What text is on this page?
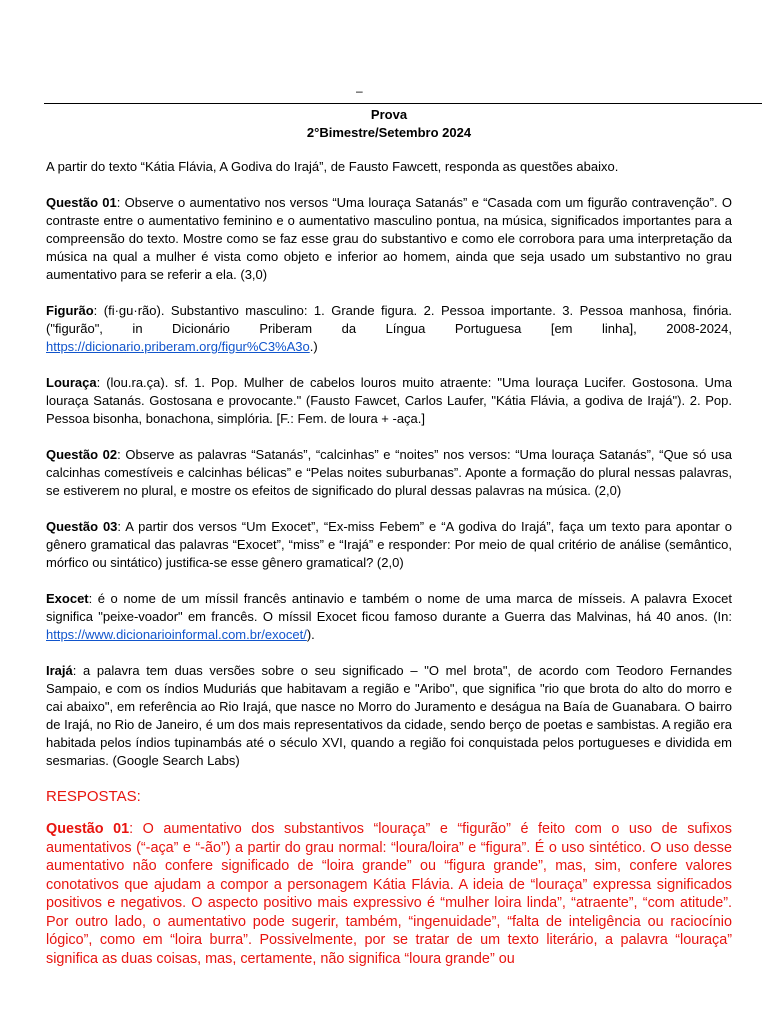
–
Prova
2°Bimestre/Setembro 2024

A partir do texto “Kátia Flávia, A Godiva do Irajá”, de Fausto Fawcett, responda as questões abaixo.

Questão 01: Observe o aumentativo nos versos “Uma louraça Satanás” e “Casada com um figurão contravenção”. O contraste entre o aumentativo feminino e o aumentativo masculino pontua, na música, significados importantes para a compreensão do texto. Mostre como se faz esse grau do substantivo e como ele corrobora para uma interpretação da música na qual a mulher é vista como objeto e inferior ao homem, ainda que seja usado um substantivo no grau aumentativo para se referir a ela. (3,0)

Figurão: (fi·gu·rão). Substantivo masculino: 1. Grande figura. 2. Pessoa importante. 3. Pessoa manhosa, finória. ("figurão", in Dicionário Priberam da Língua Portuguesa [em linha], 2008-2024, https://dicionario.priberam.org/figur%C3%A3o.)

Louraça: (lou.ra.ça). sf. 1. Pop. Mulher de cabelos louros muito atraente: "Uma louraça Lucifer. Gostosona. Uma louraça Satanás. Gostosana e provocante." (Fausto Fawcet, Carlos Laufer, "Kátia Flávia, a godiva de Irajá"). 2. Pop. Pessoa bisonha, bonachona, simplória. [F.: Fem. de loura + -aça.]

Questão 02: Observe as palavras “Satanás”, “calcinhas” e “noites” nos versos: “Uma louraça Satanás”, “Que só usa calcinhas comestíveis e calcinhas bélicas” e “Pelas noites suburbanas”. Aponte a formação do plural nessas palavras, se estiverem no plural, e mostre os efeitos de significado do plural dessas palavras na música. (2,0)

Questão 03: A partir dos versos “Um Exocet”, “Ex-miss Febem” e “A godiva do Irajá”, faça um texto para apontar o gênero gramatical das palavras “Exocet”, “miss” e “Irajá” e responder: Por meio de qual critério de análise (semântico, mórfico ou sintático) justifica-se esse gênero gramatical? (2,0)

Exocet: é o nome de um míssil francês antinavio e também o nome de uma marca de mísseis. A palavra Exocet significa "peixe-voador" em francês. O míssil Exocet ficou famoso durante a Guerra das Malvinas, há 40 anos. (In: https://www.dicionarioinformal.com.br/exocet/).

Irajá: a palavra tem duas versões sobre o seu significado – "O mel brota", de acordo com Teodoro Fernandes Sampaio, e com os índios Muduriás que habitavam a região e "Aribo", que significa "rio que brota do alto do morro e cai abaixo", em referência ao Rio Irajá, que nasce no Morro do Juramento e deságua na Baía de Guanabara. O bairro de Irajá, no Rio de Janeiro, é um dos mais representativos da cidade, sendo berço de poetas e sambistas. A região era habitada pelos índios tupinambás até o século XVI, quando a região foi conquistada pelos portugueses e dividida em sesmarias. (Google Search Labs)

RESPOSTAS:

Questão 01: O aumentativo dos substantivos “louraça” e “figurão” é feito com o uso de sufixos aumentativos (“-aça” e “-ão”) a partir do grau normal: “loura/loira” e “figura”. É o uso sintético. O uso desse aumentativo não confere significado de “loira grande” ou “figura grande”, mas, sim, confere valores conotativos que ajudam a compor a personagem Kátia Flávia. A ideia de “louraça” expressa significados positivos e negativos. O aspecto positivo mais expressivo é “mulher loira linda”, “atraente”, “com atitude”. Por outro lado, o aumentativo pode sugerir, também, “ingenuidade”, “falta de inteligência ou raciocínio lógico”, como em “loira burra”. Possivelmente, por se tratar de um texto literário, a palavra “louraça” significa as duas coisas, mas, certamente, não significa “loura grande” ou
